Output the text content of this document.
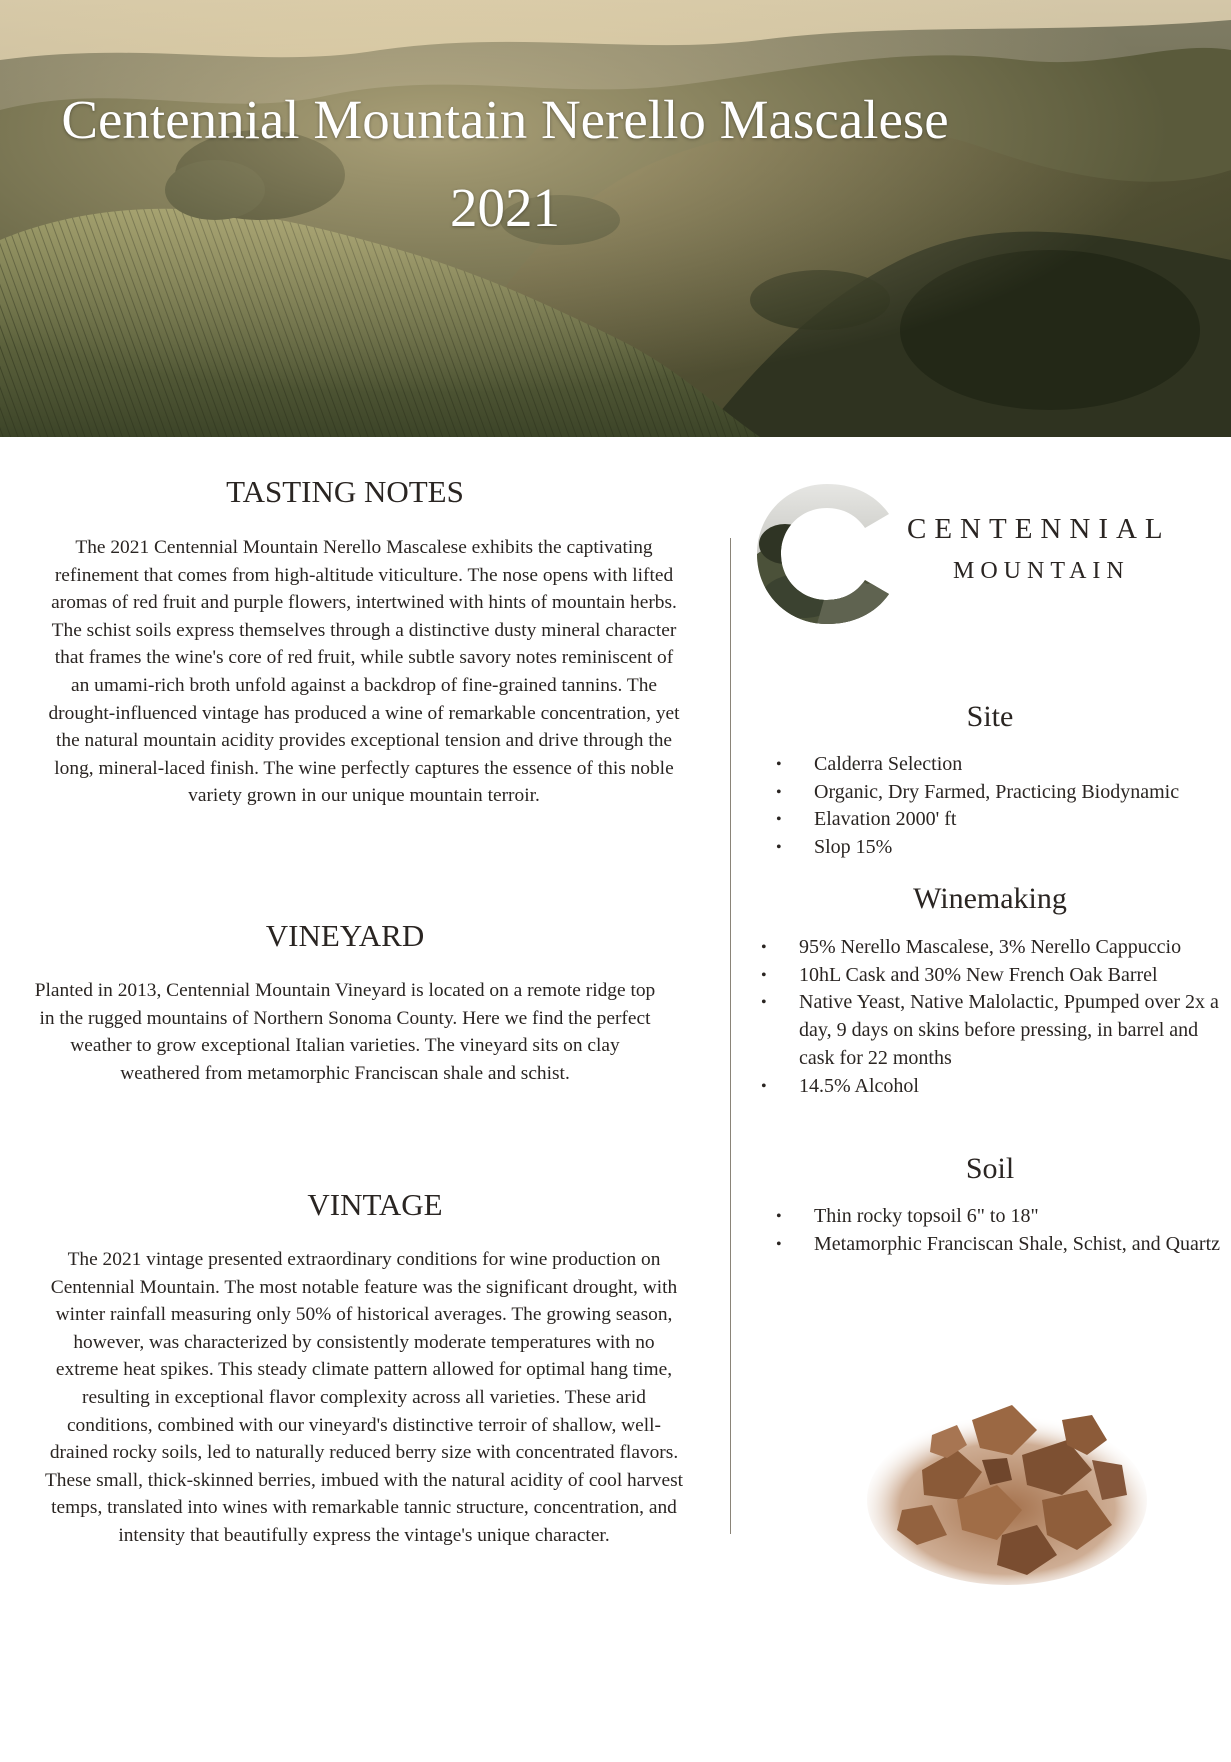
Centennial Mountain Nerello Mascalese
2021
TASTING NOTES

The 2021 Centennial Mountain Nerello Mascalese exhibits the captivating refinement that comes from high-altitude viticulture. The nose opens with lifted aromas of red fruit and purple flowers, intertwined with hints of mountain herbs. The schist soils express themselves through a distinctive dusty mineral character that frames the wine's core of red fruit, while subtle savory notes reminiscent of an umami-rich broth unfold against a backdrop of fine-grained tannins. The drought-influenced vintage has produced a wine of remarkable concentration, yet the natural mountain acidity provides exceptional tension and drive through the long, mineral-laced finish. The wine perfectly captures the essence of this noble variety grown in our unique mountain terroir.

VINEYARD

Planted in 2013, Centennial Mountain Vineyard is located on a remote ridge top in the rugged mountains of Northern Sonoma County. Here we find the perfect weather to grow exceptional Italian varieties. The vineyard sits on clay weathered from metamorphic Franciscan shale and schist.

VINTAGE

The 2021 vintage presented extraordinary conditions for wine production on Centennial Mountain. The most notable feature was the significant drought, with winter rainfall measuring only 50% of historical averages. The growing season, however, was characterized by consistently moderate temperatures with no extreme heat spikes. This steady climate pattern allowed for optimal hang time, resulting in exceptional flavor complexity across all varieties. These arid conditions, combined with our vineyard's distinctive terroir of shallow, well-drained rocky soils, led to naturally reduced berry size with concentrated flavors. These small, thick-skinned berries, imbued with the natural acidity of cool harvest temps, translated into wines with remarkable tannic structure, concentration, and intensity that beautifully express the vintage's unique character.

CENTENNIAL

MOUNTAIN

Site
• Calderra Selection
• Organic, Dry Farmed, Practicing Biodynamic
• Elavation 2000' ft
• Slop 15%
Winemaking
• 95% Nerello Mascalese, 3% Nerello Cappuccio
• 10hL Cask and 30% New French Oak Barrel
• Native Yeast, Native Malolactic, Ppumped over 2x a day, 9 days on skins before pressing, in barrel and cask for 22 months
• 14.5% Alcohol
Soil
• Thin rocky topsoil 6" to 18"
• Metamorphic Franciscan Shale, Schist, and Quartz
